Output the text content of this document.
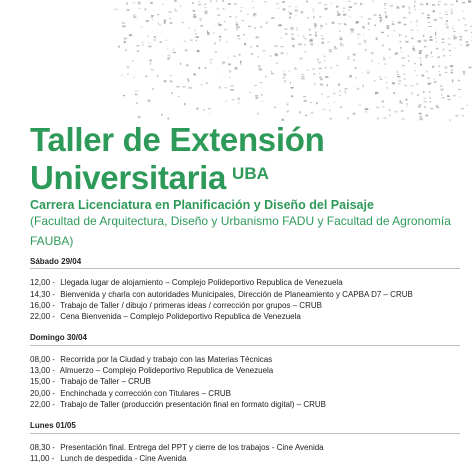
Taller de Extensión
Universitaria $^{UBA}$
Carrera Licenciatura en Planificación y Diseño del Paisaje
(Facultad de Arquitectura, Diseño y Urbanismo FADU y Facultad de Agronomía
FAUBA)
Sábado 29/04
12,00 - Llegada lugar de alojamiento – Complejo Polideportivo Republica de Venezuela
14,30 - Bienvenida y charla con autoridades Municipales, Dirección de Planeamiento y CAPBA D7 – CRUB
16,00 - Trabajo de Taller / dibujo / primeras ideas / corrección por grupos – CRUB
22,00 - Cena Bienvenida – Complejo Polideportivo Republica de Venezuela
Domingo 30/04
08,00 - Recorrida por la Ciudad y trabajo con las Materias Técnicas
13,00 - Almuerzo – Complejo Polideportivo Republica de Venezuela
15,00 - Trabajo de Taller – CRUB
20,00 - Enchinchada y corrección con Titulares – CRUB
22,00 - Trabajo de Taller (producción presentación final en formato digital) – CRUB
Lunes 01/05
08,30 - Presentación final. Entrega del PPT y cierre de los trabajos - Cine Avenida
11,00 - Lunch de despedida - Cine Avenida
